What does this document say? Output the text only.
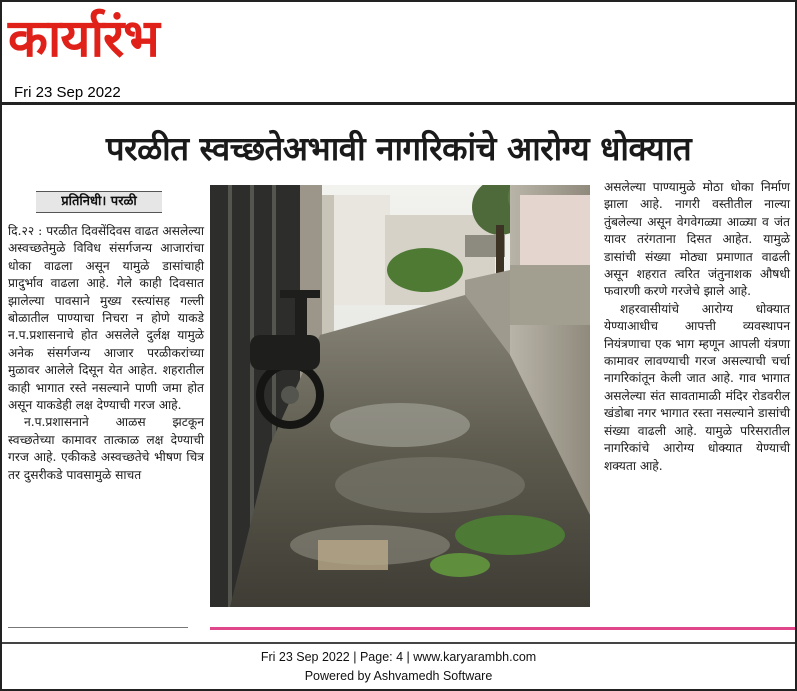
कार्यारंभ
Fri 23 Sep 2022
परळीत स्वच्छतेअभावी नागरिकांचे आरोग्य धोक्यात
प्रतिनिधी। परळी

दि.२२ : परळीत दिवसेंदिवस वाढत असलेल्या अस्वच्छतेमुळे विविध संसर्गजन्य आजारांचा धोका वाढला असून यामुळे डासांचाही प्रादुर्भाव वाढला आहे. गेले काही दिवसात झालेल्या पावसाने मुख्य रस्त्यांसह गल्ली बोळातील पाण्याचा निचरा न होणे याकडे न.प.प्रशासनाचे होत असलेले दुर्लक्ष यामुळे अनेक संसर्गजन्य आजार परळीकरांच्या मुळावर आलेले दिसून येत आहेत. शहरातील काही भागात रस्ते नसल्याने पाणी जमा होत असून याकडेही लक्ष देण्याची गरज आहे.

न.प.प्रशासनाने आळस झटकून स्वच्छतेच्या कामावर तात्काळ लक्ष देण्याची गरज आहे. एकीकडे अस्वच्छतेचे भीषण चित्र तर दुसरीकडे पावसामुळे साचत

असलेल्या पाण्यामुळे मोठा धोका निर्माण झाला आहे. नागरी वस्तीतील नाल्या तुंबलेल्या असून वेगवेगळ्या आळ्या व जंत यावर तरंगताना दिसत आहेत. यामुळे डासांची संख्या मोठ्या प्रमाणात वाढली असून शहरात त्वरित जंतुनाशक औषधी फवारणी करणे गरजेचे झाले आहे.

शहरवासीयांचे आरोग्य धोक्यात येण्याआधीच आपत्ती व्यवस्थापन नियंत्रणाचा एक भाग म्हणून आपली यंत्रणा कामावर लावण्याची गरज असल्याची चर्चा नागरिकांतून केली जात आहे. गाव भागात असलेल्या संत सावतामाळी मंदिर रोडवरील खंडोबा नगर भागात रस्ता नसल्याने डासांची संख्या वाढली आहे. यामुळे परिसरातील नागरिकांचे आरोग्य धोक्यात येण्याची शक्यता आहे.

Fri 23 Sep 2022 | Page: 4 | www.karyarambh.com
Powered by Ashvamedh Software
